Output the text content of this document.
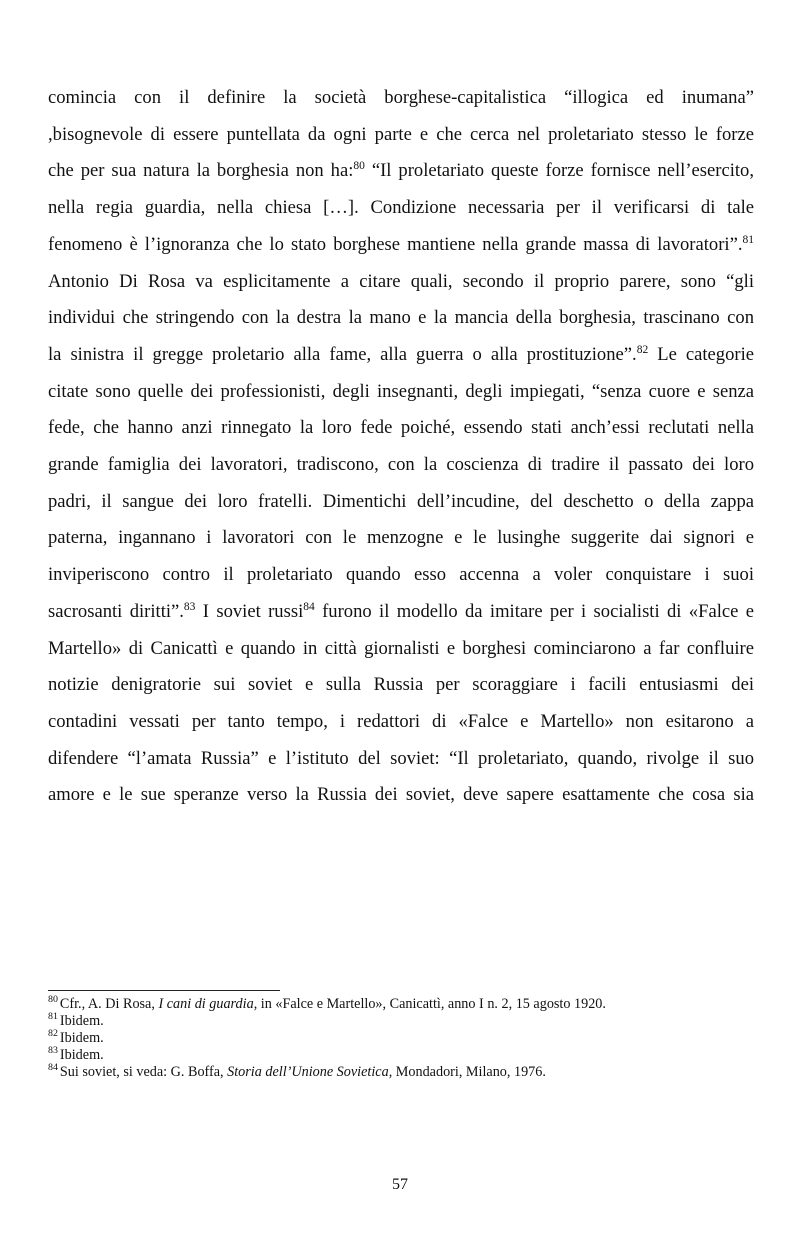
comincia con il definire la società borghese-capitalistica “illogica ed inumana”
,bisognevole di essere puntellata da ogni parte e che cerca nel proletariato stesso le forze
che per sua natura la borghesia non ha:$^{80}$ “Il proletariato queste forze fornisce nell’esercito,
nella regia guardia, nella chiesa […]. Condizione necessaria per il verificarsi di tale
fenomeno è l’ignoranza che lo stato borghese mantiene nella grande massa di lavoratori”.$^{81}$
Antonio Di Rosa va esplicitamente a citare quali, secondo il proprio parere, sono “gli
individui che stringendo con la destra la mano e la mancia della borghesia, trascinano con
la sinistra il gregge proletario alla fame, alla guerra o alla prostituzione”.$^{82}$ Le categorie
citate sono quelle dei professionisti, degli insegnanti, degli impiegati, “senza cuore e senza
fede, che hanno anzi rinnegato la loro fede poiché, essendo stati anch’essi reclutati nella
grande famiglia dei lavoratori, tradiscono, con la coscienza di tradire il passato dei loro
padri, il sangue dei loro fratelli. Dimentichi dell’incudine, del deschetto o della zappa
paterna, ingannano i lavoratori con le menzogne e le lusinghe suggerite dai signori e
inviperiscono contro il proletariato quando esso accenna a voler conquistare i suoi
sacrosanti diritti”.$^{83}$ I soviet russi$^{84}$ furono il modello da imitare per i socialisti di «Falce e
Martello» di Canicattì e quando in città giornalisti e borghesi cominciarono a far confluire
notizie denigratorie sui soviet e sulla Russia per scoraggiare i facili entusiasmi dei
contadini vessati per tanto tempo, i redattori di «Falce e Martello» non esitarono a
difendere “l’amata Russia” e l’istituto del soviet: “Il proletariato, quando, rivolge il suo
amore e le sue speranze verso la Russia dei soviet, deve sapere esattamente che cosa sia
$^{80}$ Cfr., A. Di Rosa, I cani di guardia, in «Falce e Martello», Canicattì, anno I n. 2, 15 agosto 1920.
$^{81}$ Ibidem.
$^{82}$ Ibidem.
$^{83}$ Ibidem.
$^{84}$ Sui soviet, si veda: G. Boffa, Storia dell’Unione Sovietica, Mondadori, Milano, 1976.
57
